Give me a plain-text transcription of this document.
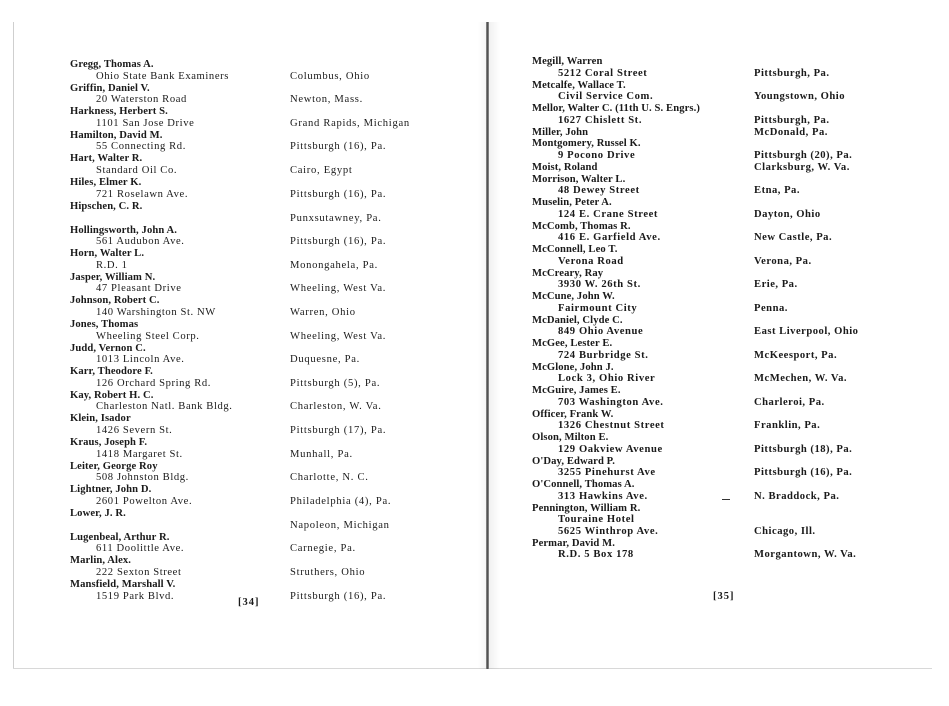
Gregg, Thomas A.
Ohio State Bank Examiners	Columbus, Ohio
Griffin, Daniel V.
20 Waterston Road	Newton, Mass.
Harkness, Herbert S.
1101 San Jose Drive	Grand Rapids, Michigan
Hamilton, David M.
55 Connecting Rd.	Pittsburgh (16), Pa.
Hart, Walter R.
Standard Oil Co.	Cairo, Egypt
Hiles, Elmer K.
721 Roselawn Ave.	Pittsburgh (16), Pa.
Hipschen, C. R.
Punxsutawney, Pa.
Hollingsworth, John A.
561 Audubon Ave.	Pittsburgh (16), Pa.
Horn, Walter L.
R.D. 1	Monongahela, Pa.
Jasper, William N.
47 Pleasant Drive	Wheeling, West Va.
Johnson, Robert C.
140 Warshington St. NW	Warren, Ohio
Jones, Thomas
Wheeling Steel Corp.	Wheeling, West Va.
Judd, Vernon C.
1013 Lincoln Ave.	Duquesne, Pa.
Karr, Theodore F.
126 Orchard Spring Rd.	Pittsburgh (5), Pa.
Kay, Robert H. C.
Charleston Natl. Bank Bldg.	Charleston, W. Va.
Klein, Isador
1426 Severn St.	Pittsburgh (17), Pa.
Kraus, Joseph F.
1418 Margaret St.	Munhall, Pa.
Leiter, George Roy
508 Johnston Bldg.	Charlotte, N. C.
Lightner, John D.
2601 Powelton Ave.	Philadelphia (4), Pa.
Lower, J. R.
Napoleon, Michigan
Lugenbeal, Arthur R.
611 Doolittle Ave.	Carnegie, Pa.
Marlin, Alex.
222 Sexton Street	Struthers, Ohio
Mansfield, Marshall V.
1519 Park Blvd.	Pittsburgh (16), Pa.
Megill, Warren
5212 Coral Street	Pittsburgh, Pa.
Metcalfe, Wallace T.
Civil Service Com.	Youngstown, Ohio
Mellor, Walter C. (11th U. S. Engrs.)
1627 Chislett St.	Pittsburgh, Pa.
Miller, John	McDonald, Pa.
Montgomery, Russel K.
9 Pocono Drive	Pittsburgh (20), Pa.
Moist, Roland	Clarksburg, W. Va.
Morrison, Walter L.
48 Dewey Street	Etna, Pa.
Muselin, Peter A.
124 E. Crane Street	Dayton, Ohio
McComb, Thomas R.
416 E. Garfield Ave.	New Castle, Pa.
McConnell, Leo T.
Verona Road	Verona, Pa.
McCreary, Ray
3930 W. 26th St.	Erie, Pa.
McCune, John W.
Fairmount City	Penna.
McDaniel, Clyde C.
849 Ohio Avenue	East Liverpool, Ohio
McGee, Lester E.
724 Burbridge St.	McKeesport, Pa.
McGlone, John J.
Lock 3, Ohio River	McMechen, W. Va.
McGuire, James E.
703 Washington Ave.	Charleroi, Pa.
Officer, Frank W.
1326 Chestnut Street	Franklin, Pa.
Olson, Milton E.
129 Oakview Avenue	Pittsburgh (18), Pa.
O'Day, Edward P.
3255 Pinehurst Ave	Pittsburgh (16), Pa.
O'Connell, Thomas A.
313 Hawkins Ave.	N. Braddock, Pa.
Pennington, William R.
Touraine Hotel
5625 Winthrop Ave.	Chicago, Ill.
Permar, David M.
R.D. 5 Box 178	Morgantown, W. Va.
[34]
[35]
